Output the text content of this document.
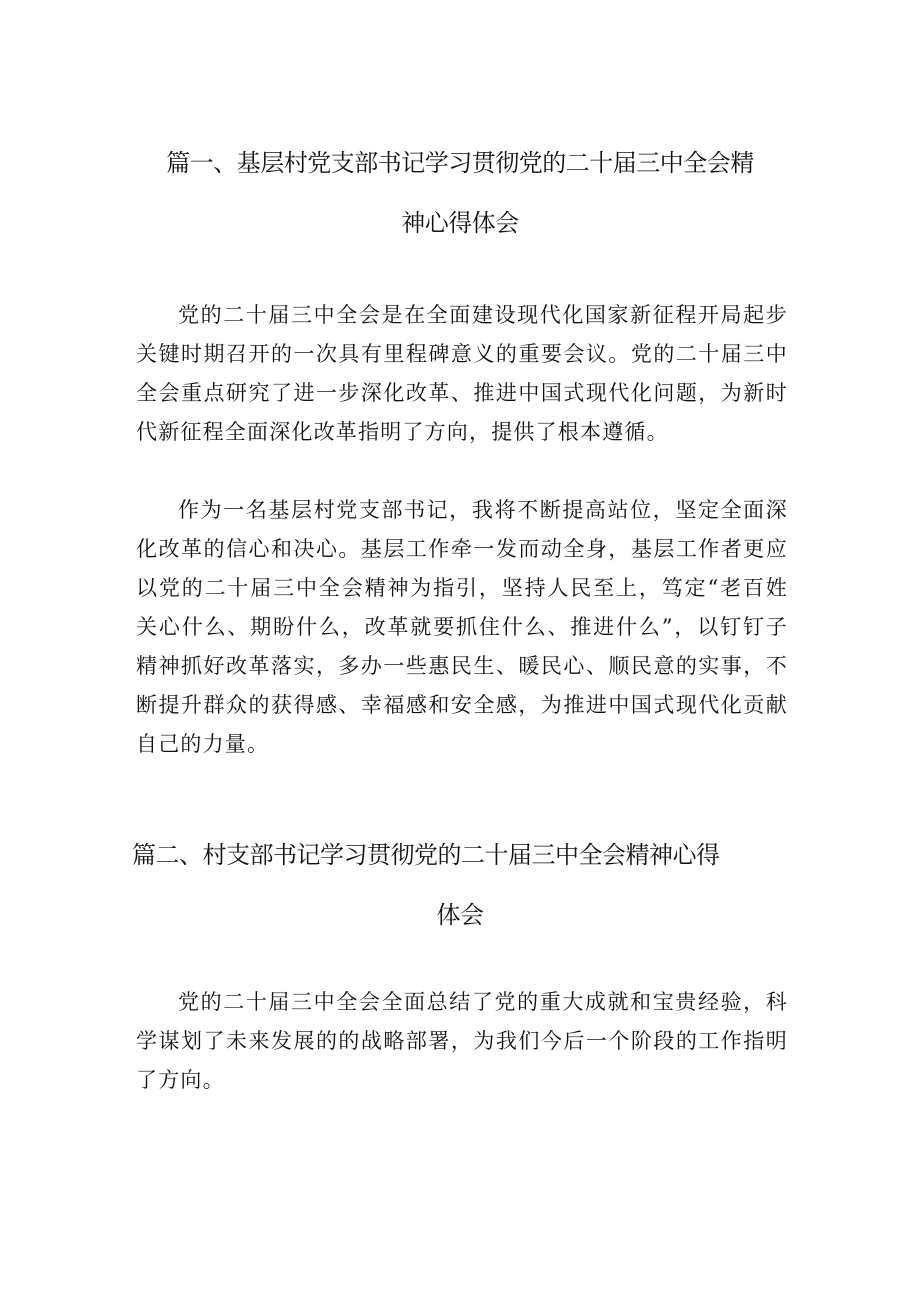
篇一、基层村党支部书记学习贯彻党的二十届三中全会精
神心得体会

党的二十届三中全会是在全面建设现代化国家新征程开局起步关键时期召开的一次具有里程碑意义的重要会议。党的二十届三中全会重点研究了进一步深化改革、推进中国式现代化问题，为新时代新征程全面深化改革指明了方向，提供了根本遵循。

作为一名基层村党支部书记，我将不断提高站位，坚定全面深化改革的信心和决心。基层工作牵一发而动全身，基层工作者更应以党的二十届三中全会精神为指引，坚持人民至上，笃定“老百姓关心什么、期盼什么，改革就要抓住什么、推进什么”，以钉钉子精神抓好改革落实，多办一些惠民生、暖民心、顺民意的实事，不断提升群众的获得感、幸福感和安全感，为推进中国式现代化贡献自己的力量。

篇二、村支部书记学习贯彻党的二十届三中全会精神心得
体会

党的二十届三中全会全面总结了党的重大成就和宝贵经验，科学谋划了未来发展的的战略部署，为我们今后一个阶段的工作指明了方向。
